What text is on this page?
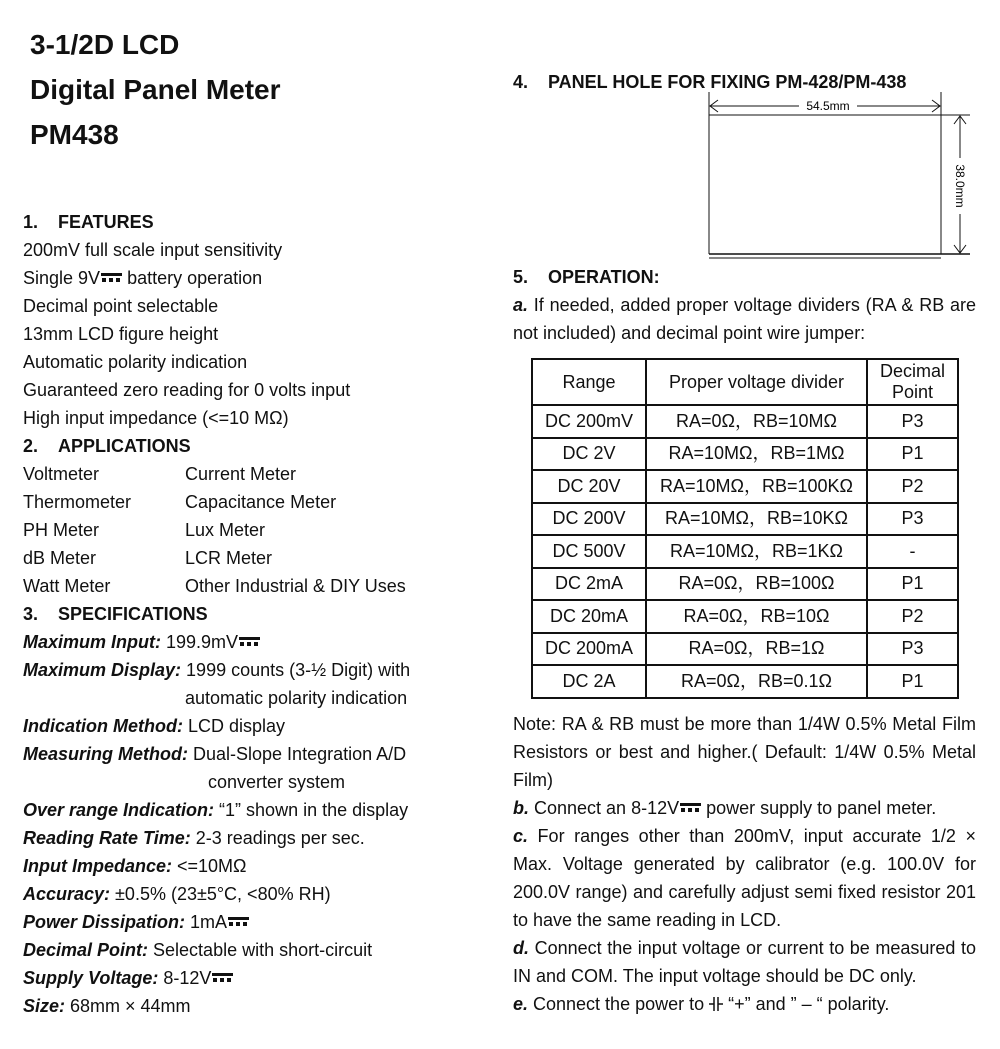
3-1/2D LCD
Digital Panel Meter
PM438
1. FEATURES
200mV full scale input sensitivity
Single 9V battery operation
Decimal point selectable
13mm LCD figure height
Automatic polarity indication
Guaranteed zero reading for 0 volts input
High input impedance (<=10 MΩ)
2. APPLICATIONS
Voltmeter	Current Meter
Thermometer	Capacitance Meter
PH Meter	Lux Meter
dB Meter	LCR Meter
Watt Meter	Other Industrial & DIY Uses
3. SPECIFICATIONS
Maximum Input: 199.9mV
Maximum Display: 1999 counts (3-½ Digit) with
automatic polarity indication
Indication Method: LCD display
Measuring Method: Dual-Slope Integration A/D
converter system
Over range Indication: “1” shown in the display
Reading Rate Time: 2-3 readings per sec.
Input Impedance: <=10MΩ
Accuracy: ±0.5% (23±5°C, <80% RH)
Power Dissipation: 1mA
Decimal Point: Selectable with short-circuit
Supply Voltage: 8-12V
Size: 68mm × 44mm
4. PANEL HOLE FOR FIXING PM-428/PM-438
54.5mm
38.0mm
5. OPERATION:
a. If needed, added proper voltage dividers (RA & RB are not included) and decimal point wire jumper:
Range	Proper voltage divider	Decimal Point
DC 200mV	RA=0Ω，RB=10MΩ	P3
DC 2V	RA=10MΩ，RB=1MΩ	P1
DC 20V	RA=10MΩ，RB=100KΩ	P2
DC 200V	RA=10MΩ，RB=10KΩ	P3
DC 500V	RA=10MΩ，RB=1KΩ	-
DC 2mA	RA=0Ω，RB=100Ω	P1
DC 20mA	RA=0Ω，RB=10Ω	P2
DC 200mA	RA=0Ω，RB=1Ω	P3
DC 2A	RA=0Ω，RB=0.1Ω	P1
Note: RA & RB must be more than 1/4W 0.5% Metal Film Resistors or best and higher.( Default: 1/4W 0.5% Metal Film)
b. Connect an 8-12V power supply to panel meter.
c. For ranges other than 200mV, input accurate 1/2 × Max. Voltage generated by calibrator (e.g. 100.0V for 200.0V range) and carefully adjust semi fixed resistor 201 to have the same reading in LCD.
d. Connect the input voltage or current to be measured to IN and COM. The input voltage should be DC only.
e. Connect the power to  “+” and ” – “ polarity.
